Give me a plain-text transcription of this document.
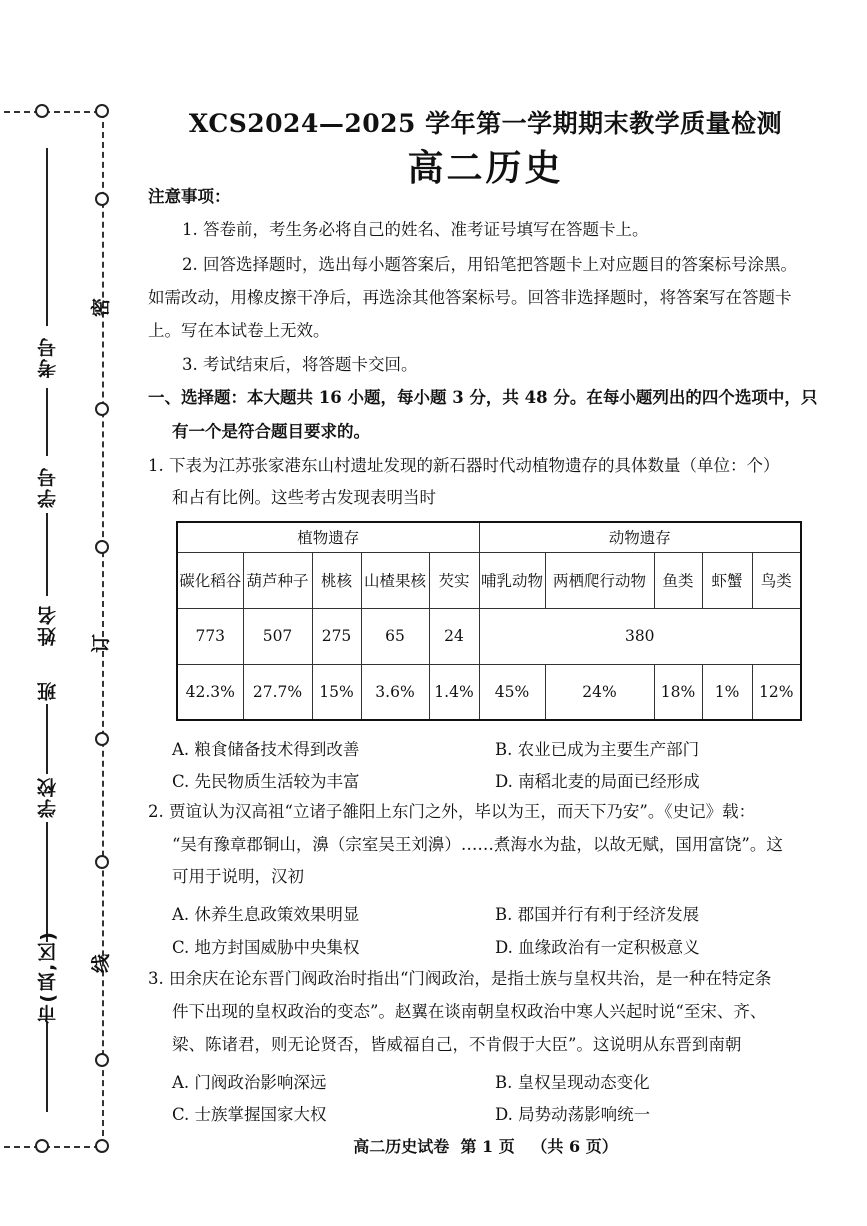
密
订
线
考号
学号
姓名
班
学校
市(县,区)
XCS2024—2025 学年第一学期期末教学质量检测
高二历史
注意事项：
1. 答卷前，考生务必将自己的姓名、准考证号填写在答题卡上。
2. 回答选择题时，选出每小题答案后，用铅笔把答题卡上对应题目的答案标号涂黑。
如需改动，用橡皮擦干净后，再选涂其他答案标号。回答非选择题时，将答案写在答题卡
上。写在本试卷上无效。
3. 考试结束后，将答题卡交回。
一、选择题：本大题共 16 小题，每小题 3 分，共 48 分。在每小题列出的四个选项中，只
有一个是符合题目要求的。
1. 下表为江苏张家港东山村遗址发现的新石器时代动植物遗存的具体数量（单位：个）
和占有比例。这些考古发现表明当时
植物遗存					动物遗存				
碳化稻谷	葫芦种子	桃核	山楂果核	芡实	哺乳动物	两栖爬行动物	鱼类	虾蟹	鸟类
773	507	275	65	24	380				
42.3%	27.7%	15%	3.6%	1.4%	45%	24%	18%	1%	12%
A. 粮食储备技术得到改善	B. 农业已成为主要生产部门
C. 先民物质生活较为丰富	D. 南稻北麦的局面已经形成
2. 贾谊认为汉高祖“立诸子雒阳上东门之外，毕以为王，而天下乃安”。《史记》载：
“吴有豫章郡铜山，濞（宗室吴王刘濞）……煮海水为盐，以故无赋，国用富饶”。这
可用于说明，汉初
A. 休养生息政策效果明显	B. 郡国并行有利于经济发展
C. 地方封国威胁中央集权	D. 血缘政治有一定积极意义
3. 田余庆在论东晋门阀政治时指出“门阀政治，是指士族与皇权共治，是一种在特定条
件下出现的皇权政治的变态”。赵翼在谈南朝皇权政治中寒人兴起时说“至宋、齐、
梁、陈诸君，则无论贤否，皆威福自己，不肯假于大臣”。这说明从东晋到南朝
A. 门阀政治影响深远	B. 皇权呈现动态变化
C. 士族掌握国家大权	D. 局势动荡影响统一
高二历史试卷  第 1 页   （共 6 页）
